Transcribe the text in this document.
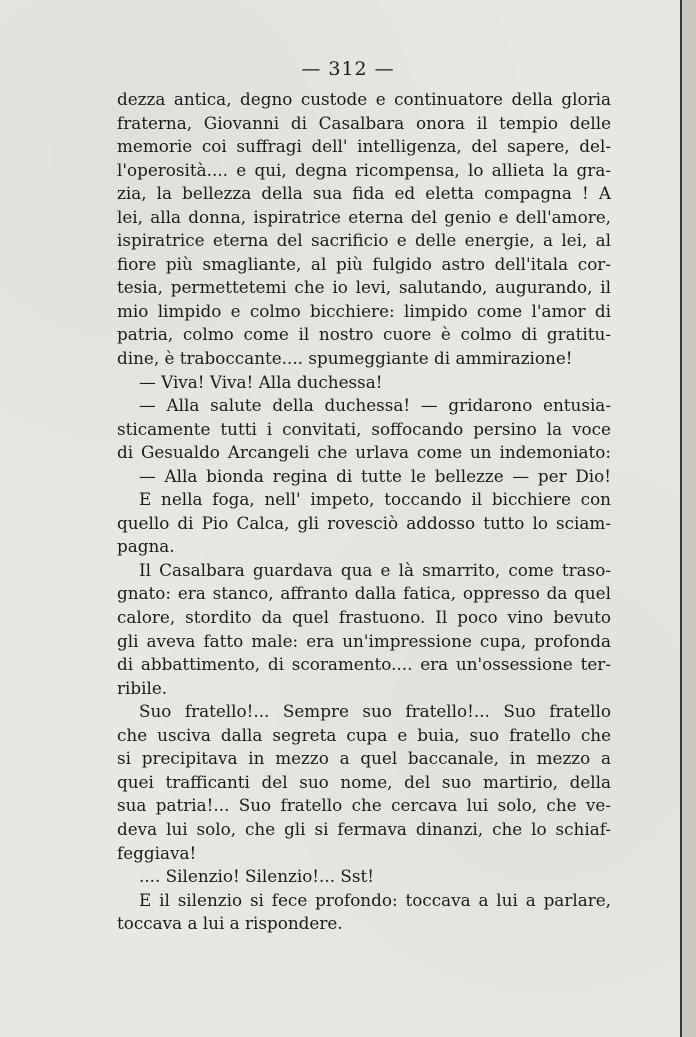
— 312 —
dezza antica, degno custode e continuatore della gloria
fraterna, Giovanni di Casalbara onora il tempio delle
memorie coi suffragi dell' intelligenza, del sapere, del-
l'operosità.... e qui, degna ricompensa, lo allieta la gra-
zia, la bellezza della sua fida ed eletta compagna ! A
lei, alla donna, ispiratrice eterna del genio e dell'amore,
ispiratrice eterna del sacrificio e delle energie, a lei, al
fiore più smagliante, al più fulgido astro dell'itala cor-
tesia, permettetemi che io levi, salutando, augurando, il
mio limpido e colmo bicchiere: limpido come l'amor di
patria, colmo come il nostro cuore è colmo di gratitu-
dine, è traboccante.... spumeggiante di ammirazione!
— Viva! Viva! Alla duchessa!
— Alla salute della duchessa! — gridarono entusia-
sticamente tutti i convitati, soffocando persino la voce
di Gesualdo Arcangeli che urlava come un indemoniato:
— Alla bionda regina di tutte le bellezze — per Dio!
E nella foga, nell' impeto, toccando il bicchiere con
quello di Pio Calca, gli rovesciò addosso tutto lo sciam-
pagna.
Il Casalbara guardava qua e là smarrito, come traso-
gnato: era stanco, affranto dalla fatica, oppresso da quel
calore, stordito da quel frastuono. Il poco vino bevuto
gli aveva fatto male: era un'impressione cupa, profonda
di abbattimento, di scoramento.... era un'ossessione ter-
ribile.
Suo fratello!... Sempre suo fratello!... Suo fratello
che usciva dalla segreta cupa e buia, suo fratello che
si precipitava in mezzo a quel baccanale, in mezzo a
quei trafficanti del suo nome, del suo martirio, della
sua patria!... Suo fratello che cercava lui solo, che ve-
deva lui solo, che gli si fermava dinanzi, che lo schiaf-
feggiava!
.... Silenzio! Silenzio!... Sst!
E il silenzio si fece profondo: toccava a lui a parlare,
toccava a lui a rispondere.
